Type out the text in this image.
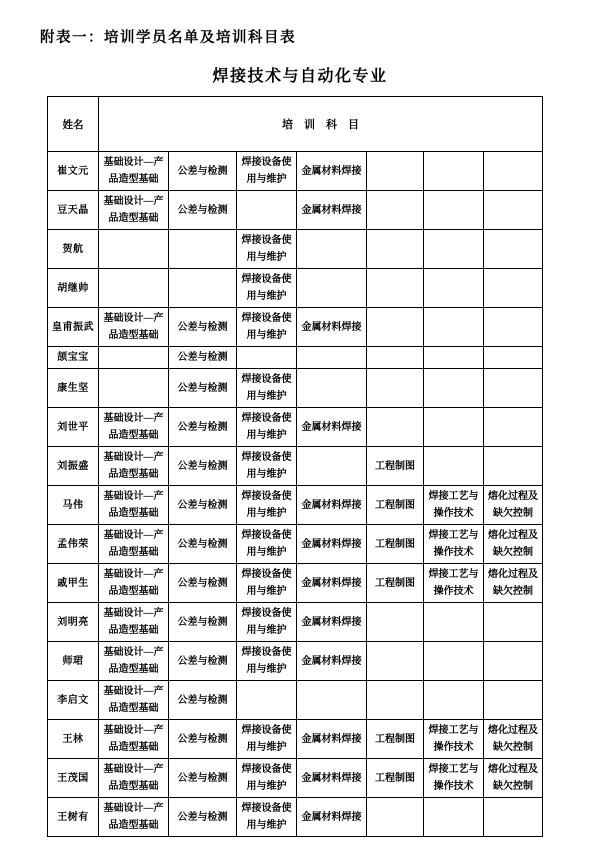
附表一：培训学员名单及培训科目表
焊接技术与自动化专业
姓名	培训科目						
崔文元	基础设计—产品造型基础	公差与检测	焊接设备使用与维护	金属材料焊接			
豆天晶	基础设计—产品造型基础	公差与检测		金属材料焊接			
贺航			焊接设备使用与维护				
胡继帅			焊接设备使用与维护				
皇甫振武	基础设计—产品造型基础	公差与检测	焊接设备使用与维护	金属材料焊接			
颉宝宝		公差与检测					
康生坚		公差与检测	焊接设备使用与维护				
刘世平	基础设计—产品造型基础	公差与检测	焊接设备使用与维护	金属材料焊接			
刘振盛	基础设计—产品造型基础	公差与检测	焊接设备使用与维护		工程制图		
马伟	基础设计—产品造型基础	公差与检测	焊接设备使用与维护	金属材料焊接	工程制图	焊接工艺与操作技术	熔化过程及缺欠控制
孟伟荣	基础设计—产品造型基础	公差与检测	焊接设备使用与维护	金属材料焊接	工程制图	焊接工艺与操作技术	熔化过程及缺欠控制
戚甲生	基础设计—产品造型基础	公差与检测	焊接设备使用与维护	金属材料焊接	工程制图	焊接工艺与操作技术	熔化过程及缺欠控制
刘明亮	基础设计—产品造型基础	公差与检测	焊接设备使用与维护	金属材料焊接			
师珺	基础设计—产品造型基础	公差与检测	焊接设备使用与维护	金属材料焊接			
李启文	基础设计—产品造型基础	公差与检测					
王林	基础设计—产品造型基础	公差与检测	焊接设备使用与维护	金属材料焊接	工程制图	焊接工艺与操作技术	熔化过程及缺欠控制
王茂国	基础设计—产品造型基础	公差与检测	焊接设备使用与维护	金属材料焊接	工程制图	焊接工艺与操作技术	熔化过程及缺欠控制
王树有	基础设计—产品造型基础	公差与检测	焊接设备使用与维护	金属材料焊接			
